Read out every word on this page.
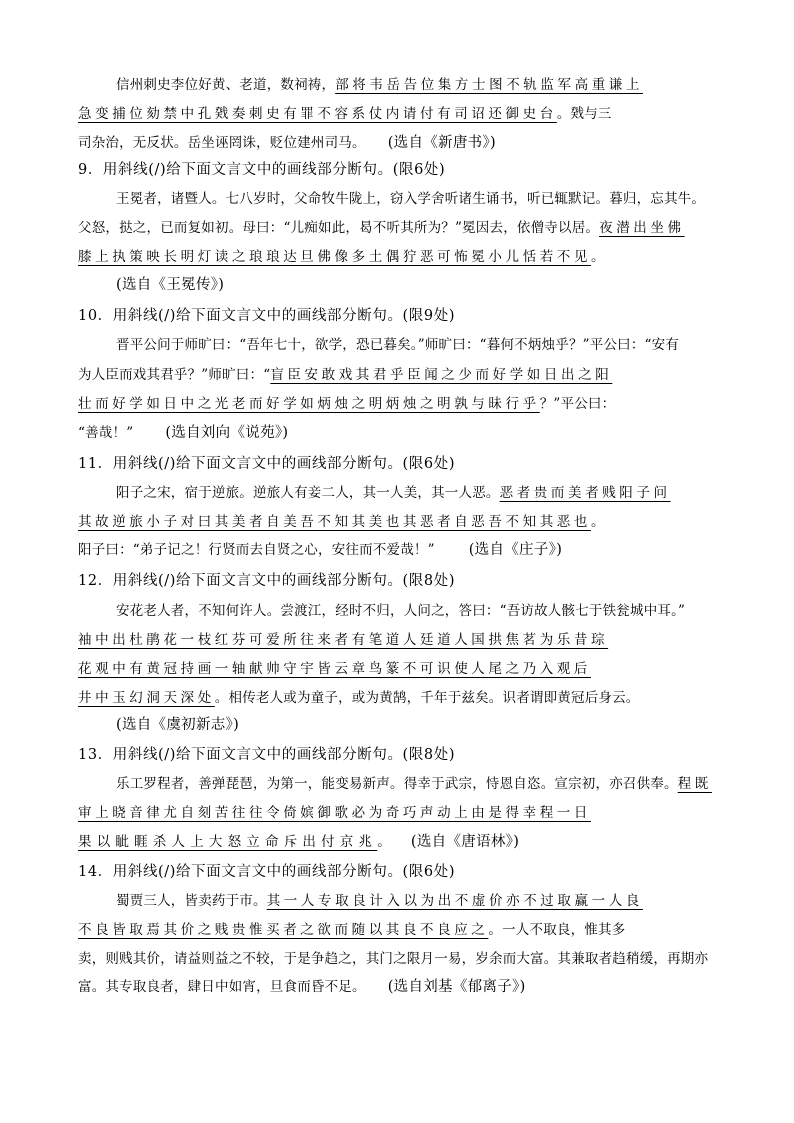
信州刺史李位好黄、老道，数祠祷，部将韦岳告位集方士图不轨监军高重谦上
急变捕位劾禁中孔戣奏刺史有罪不容系仗内请付有司诏还御史台。戣与三
司杂治，无反状。岳坐诬罔诛，贬位建州司马。 (选自《新唐书》)
9．用斜线(/)给下面文言文中的画线部分断句。(限6处)
王冕者，诸暨人。七八岁时，父命牧牛陇上，窃入学舍听诸生诵书，听已辄默记。暮归，忘其牛。
父怒，挞之，已而复如初。母曰：“儿痴如此，曷不听其所为？”冕因去，依僧寺以居。夜潜出坐佛
膝上执策映长明灯读之琅琅达旦佛像多土偶狞恶可怖冕小儿恬若不见。
(选自《王冕传》)
10．用斜线(/)给下面文言文中的画线部分断句。(限9处)
晋平公问于师旷曰：“吾年七十，欲学，恐已暮矣。”师旷曰：“暮何不炳烛乎？”平公曰：“安有
为人臣而戏其君乎？”师旷曰：“盲臣安敢戏其君乎臣闻之少而好学如日出之阳
壮而好学如日中之光老而好学如炳烛之明炳烛之明孰与昧行乎？”平公曰：
“善哉！” (选自刘向《说苑》)
11．用斜线(/)给下面文言文中的画线部分断句。(限6处)
阳子之宋，宿于逆旅。逆旅人有妾二人，其一人美，其一人恶。恶者贵而美者贱阳子问
其故逆旅小子对曰其美者自美吾不知其美也其恶者自恶吾不知其恶也。
阳子曰：“弟子记之！行贤而去自贤之心，安往而不爱哉！” (选自《庄子》)
12．用斜线(/)给下面文言文中的画线部分断句。(限8处)
安花老人者，不知何许人。尝渡江，经时不归，人问之，答曰：“吾访故人骸七于铁瓮城中耳。”
袖中出杜鹃花一枝红芬可爱所往来者有笔道人廷道人国拱焦茗为乐昔琮
花观中有黄冠持画一轴献帅守宇皆云章鸟篆不可识使人尾之乃入观后
井中玉幻洞天深处。相传老人或为童子，或为黄鹄，千年于兹矣。识者谓即黄冠后身云。
(选自《虞初新志》)
13．用斜线(/)给下面文言文中的画线部分断句。(限8处)
乐工罗程者，善弹琵琶，为第一，能变易新声。得幸于武宗，恃恩自恣。宣宗初，亦召供奉。程既
审上晓音律尤自刻苦往往令倚嫔御歌必为奇巧声动上由是得幸程一日
果以眦睚杀人上大怒立命斥出付京兆。 (选自《唐语林》)
14．用斜线(/)给下面文言文中的画线部分断句。(限6处)
蜀贾三人，皆卖药于市。其一人专取良计入以为出不虚价亦不过取赢一人良
不良皆取焉其价之贱贵惟买者之欲而随以其良不良应之。一人不取良，惟其多
卖，则贱其价，请益则益之不较，于是争趋之，其门之限月一易，岁余而大富。其兼取者趋稍缓，再期亦
富。其专取良者，肆日中如宵，旦食而昏不足。 (选自刘基《郁离子》)
